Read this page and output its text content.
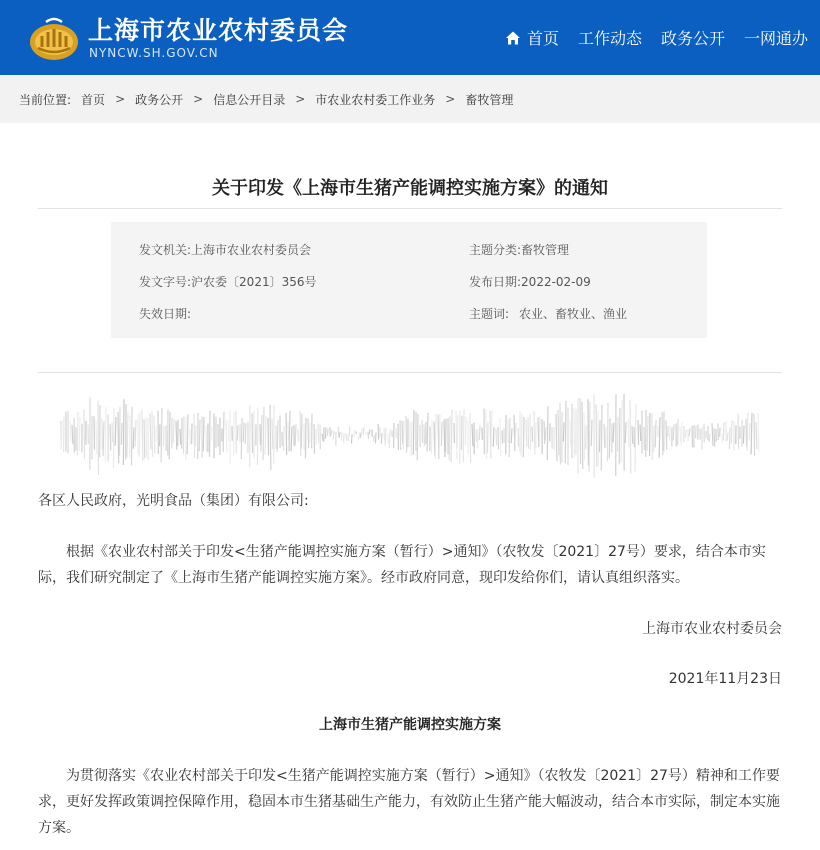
上海市农业农村委员会
NYNCW.SH.GOV.CN
首页 工作动态 政务公开 一网通办
当前位置: 首页 > 政务公开 > 信息公开目录 > 市农业农村委工作业务 > 畜牧管理
关于印发《上海市生猪产能调控实施方案》的通知
发文机关:上海市农业农村委员会	主题分类:畜牧管理
发文字号:沪农委〔2021〕356号	发布日期:2022-02-09
失效日期:	主题词: 农业、畜牧业、渔业
各区人民政府，光明食品（集团）有限公司:
根据《农业农村部关于印发<生猪产能调控实施方案（暂行）>通知》（农牧发〔2021〕27号）要求，结合本市实际，我们研究制定了《上海市生猪产能调控实施方案》。经市政府同意，现印发给你们，请认真组织落实。
上海市农业农村委员会
2021年11月23日
上海市生猪产能调控实施方案
为贯彻落实《农业农村部关于印发<生猪产能调控实施方案（暂行）>通知》（农牧发〔2021〕27号）精神和工作要求，更好发挥政策调控保障作用，稳固本市生猪基础生产能力，有效防止生猪产能大幅波动，结合本市实际，制定本实施方案。
